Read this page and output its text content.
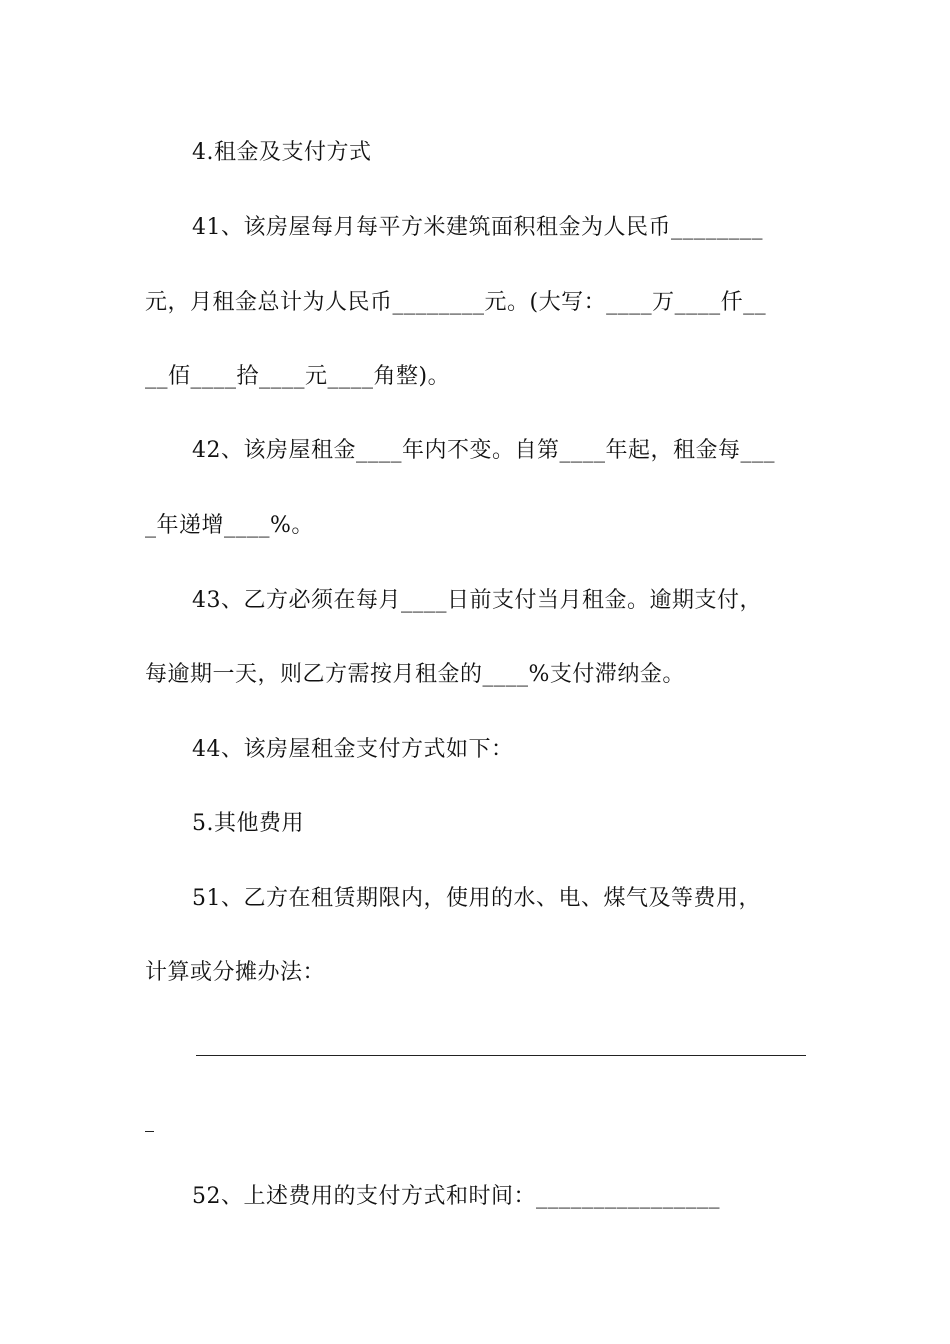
4.租金及支付方式
41、该房屋每月每平方米建筑面积租金为人民币________
元，月租金总计为人民币________元。(大写：____万____仟__
__佰____拾____元____角整)。
42、该房屋租金____年内不变。自第____年起，租金每___
_年递增____%。
43、乙方必须在每月____日前支付当月租金。逾期支付，
每逾期一天，则乙方需按月租金的____%支付滞纳金。
44、该房屋租金支付方式如下：
5.其他费用
51、乙方在租赁期限内，使用的水、电、煤气及等费用，
计算或分摊办法：
52、上述费用的支付方式和时间：________________
